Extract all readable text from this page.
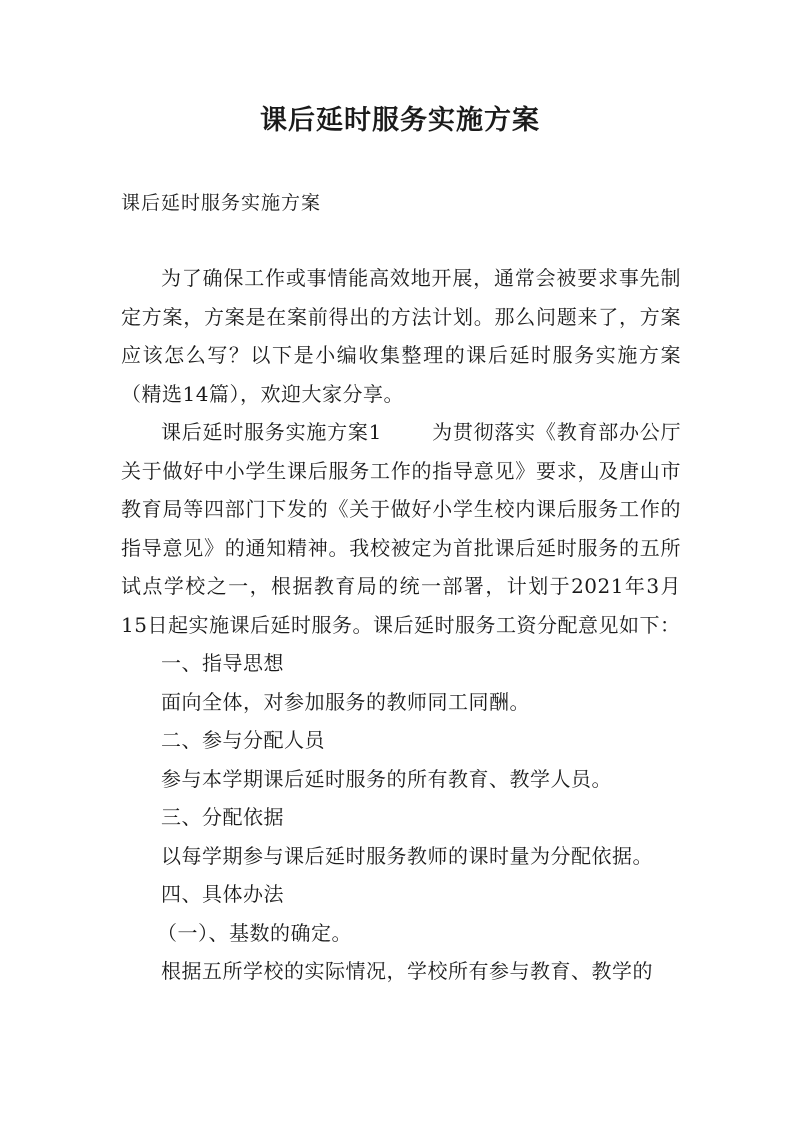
课后延时服务实施方案
课后延时服务实施方案

为了确保工作或事情能高效地开展，通常会被要求事先制定方案，方案是在案前得出的方法计划。那么问题来了，方案应该怎么写？以下是小编收集整理的课后延时服务实施方案（精选14篇），欢迎大家分享。

课后延时服务实施方案1	为贯彻落实《教育部办公厅关于做好中小学生课后服务工作的指导意见》要求，及唐山市教育局等四部门下发的《关于做好小学生校内课后服务工作的指导意见》的通知精神。我校被定为首批课后延时服务的五所试点学校之一，根据教育局的统一部署，计划于2021年3月15日起实施课后延时服务。课后延时服务工资分配意见如下：

一、指导思想

面向全体，对参加服务的教师同工同酬。

二、参与分配人员

参与本学期课后延时服务的所有教育、教学人员。

三、分配依据

以每学期参与课后延时服务教师的课时量为分配依据。

四、具体办法

（一）、基数的确定。

根据五所学校的实际情况，学校所有参与教育、教学的
